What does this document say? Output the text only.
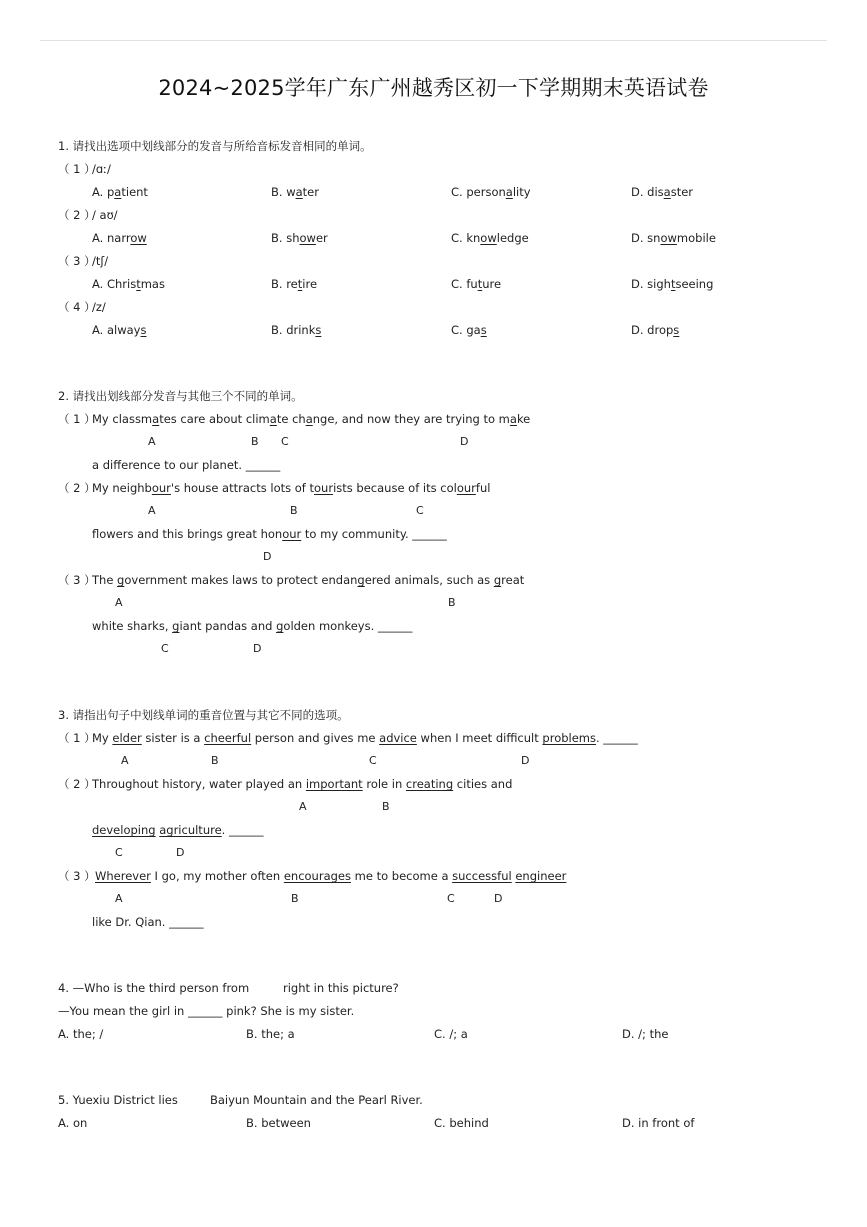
2024~2025学年广东广州越秀区初一下学期期末英语试卷
1. 请找出选项中划线部分的发音与所给音标发音相同的单词。
（ 1 ）
/ɑː/
A. patient	B. water	C. personality	D. disaster
（ 2 ）
/ aʊ/
A. narrow	B. shower	C. knowledge	D. snowmobile
（ 3 ）
/tʃ/
A. Christmas	B. retire	C. future	D. sightseeing
（ 4 ）
/z/
A. always	B. drinks	C. gas	D. drops
2. 请找出划线部分发音与其他三个不同的单词。
（ 1 ）
My classmates care about climate change, and now they are trying to make
A	B C	D
a difference to our planet. ______
（ 2 ）
My neighbour's house attracts lots of tourists because of its colourful
A	B	C
flowers and this brings great honour to my community. ______
D
（ 3 ）
The government makes laws to protect endangered animals, such as great
A	B
white sharks, giant pandas and golden monkeys. ______
C	D
3. 请指出句子中划线单词的重音位置与其它不同的选项。
（ 1 ）
My elder sister is a cheerful person and gives me advice when I meet difficult problems. ______
A	B	C	D
（ 2 ）
Throughout history, water played an important role in creating cities and
A	B
developing agriculture. ______
C	D
（ 3 ） Wherever I go, my mother often encourages me to become a successful engineer
A	B	C	D
like Dr. Qian. ______
4. —Who is the third person from	right in this picture?
—You mean the girl in ______ pink? She is my sister.
A. the; /	B. the; a	C. /; a	D. /; the
5. Yuexiu District lies	Baiyun Mountain and the Pearl River.
A. on	B. between	C. behind	D. in front of
